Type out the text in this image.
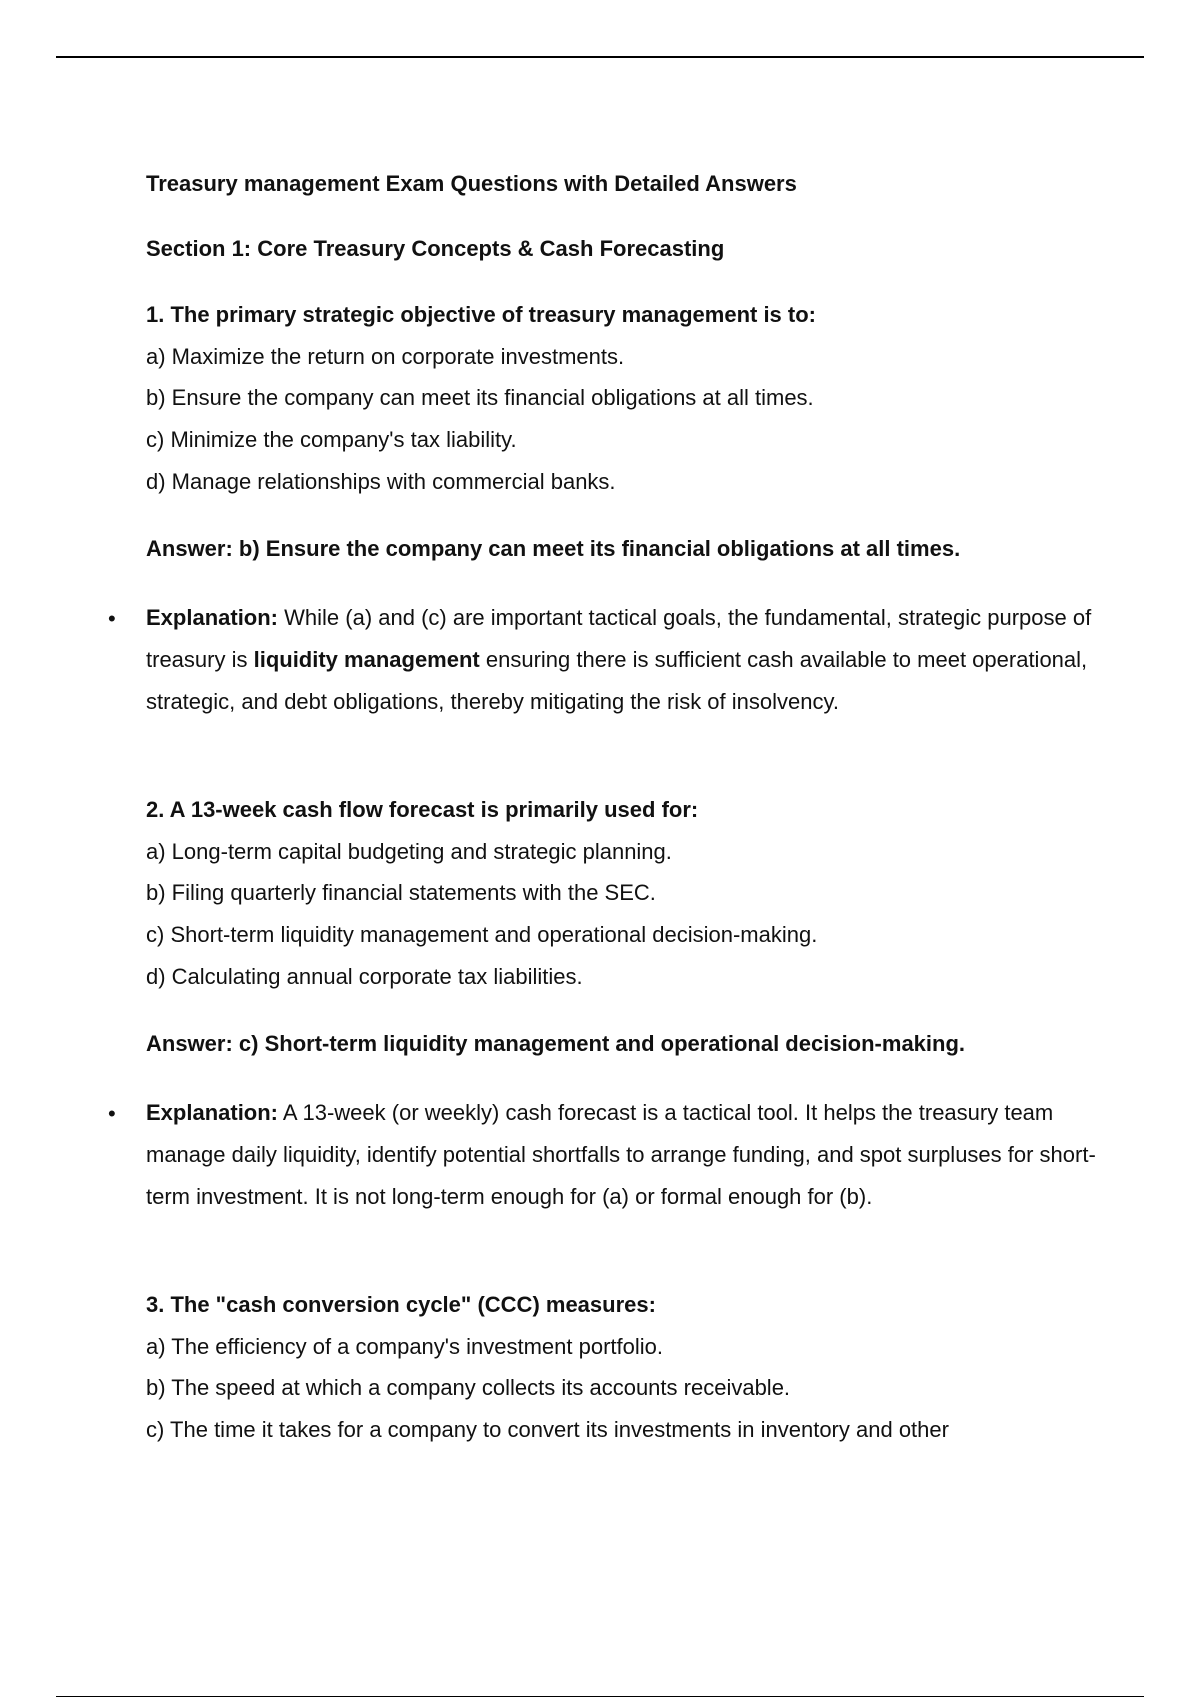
Treasury management Exam Questions with Detailed Answers
Section 1: Core Treasury Concepts & Cash Forecasting
1. The primary strategic objective of treasury management is to:
a) Maximize the return on corporate investments.
b) Ensure the company can meet its financial obligations at all times.
c) Minimize the company's tax liability.
d) Manage relationships with commercial banks.
Answer: b) Ensure the company can meet its financial obligations at all times.
• Explanation: While (a) and (c) are important tactical goals, the fundamental, strategic purpose of treasury is liquidity management ensuring there is sufficient cash available to meet operational, strategic, and debt obligations, thereby mitigating the risk of insolvency.
2. A 13-week cash flow forecast is primarily used for:
a) Long-term capital budgeting and strategic planning.
b) Filing quarterly financial statements with the SEC.
c) Short-term liquidity management and operational decision-making.
d) Calculating annual corporate tax liabilities.
Answer: c) Short-term liquidity management and operational decision-making.
• Explanation: A 13-week (or weekly) cash forecast is a tactical tool. It helps the treasury team manage daily liquidity, identify potential shortfalls to arrange funding, and spot surpluses for short-term investment. It is not long-term enough for (a) or formal enough for (b).
3. The "cash conversion cycle" (CCC) measures:
a) The efficiency of a company's investment portfolio.
b) The speed at which a company collects its accounts receivable.
c) The time it takes for a company to convert its investments in inventory and other
